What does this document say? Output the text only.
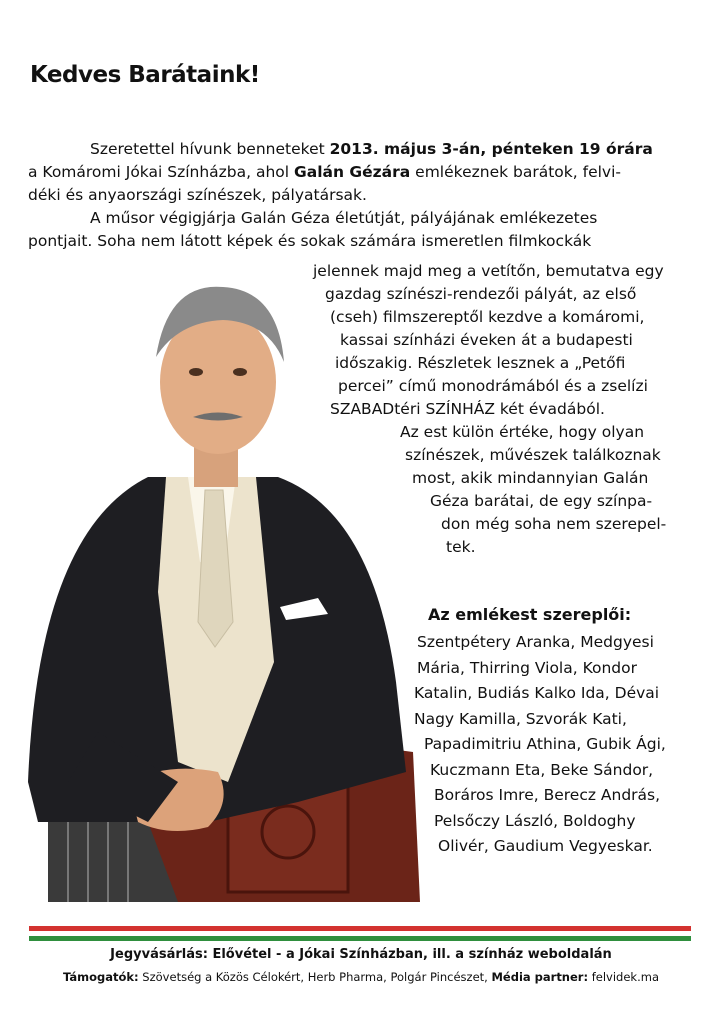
Kedves Barátaink!
Szeretettel hívunk benneteket 2013. május 3-án, pénteken 19 órára
a Komáromi Jókai Színházba, ahol Galán Gézára emlékeznek barátok, felvi-
déki és anyaországi színészek, pályatársak.
A műsor végigjárja Galán Géza életútját, pályájának emlékezetes
pontjait. Soha nem látott képek és sokak számára ismeretlen filmkockák
jelennek majd meg a vetítőn, bemutatva egy
gazdag színészi-rendezői pályát, az első
(cseh) filmszereptől kezdve a komáromi,
kassai színházi éveken át a budapesti
időszakig. Részletek lesznek a „Petőfi
percei” című monodrámából és a zselízi
SZABADtéri SZÍNHÁZ két évadából.
Az est külön értéke, hogy olyan
színészek, művészek találkoznak
most, akik mindannyian Galán
Géza barátai, de egy színpa-
don még soha nem szerepel-
tek.
Az emlékest szereplői:
Szentpétery Aranka, Medgyesi
Mária, Thirring Viola, Kondor
Katalin, Budiás Kalko Ida, Dévai
Nagy Kamilla, Szvorák Kati,
Papadimitriu Athina, Gubik Ági,
Kuczmann Eta, Beke Sándor,
Boráros Imre, Berecz András,
Pelsőczy László, Boldoghy
Olivér, Gaudium Vegyeskar.
Jegyvásárlás: Elővétel - a Jókai Színházban, ill. a színház weboldalán
Támogatók: Szövetség a Közös Célokért, Herb Pharma, Polgár Pincészet, Média partner: felvidek.ma
